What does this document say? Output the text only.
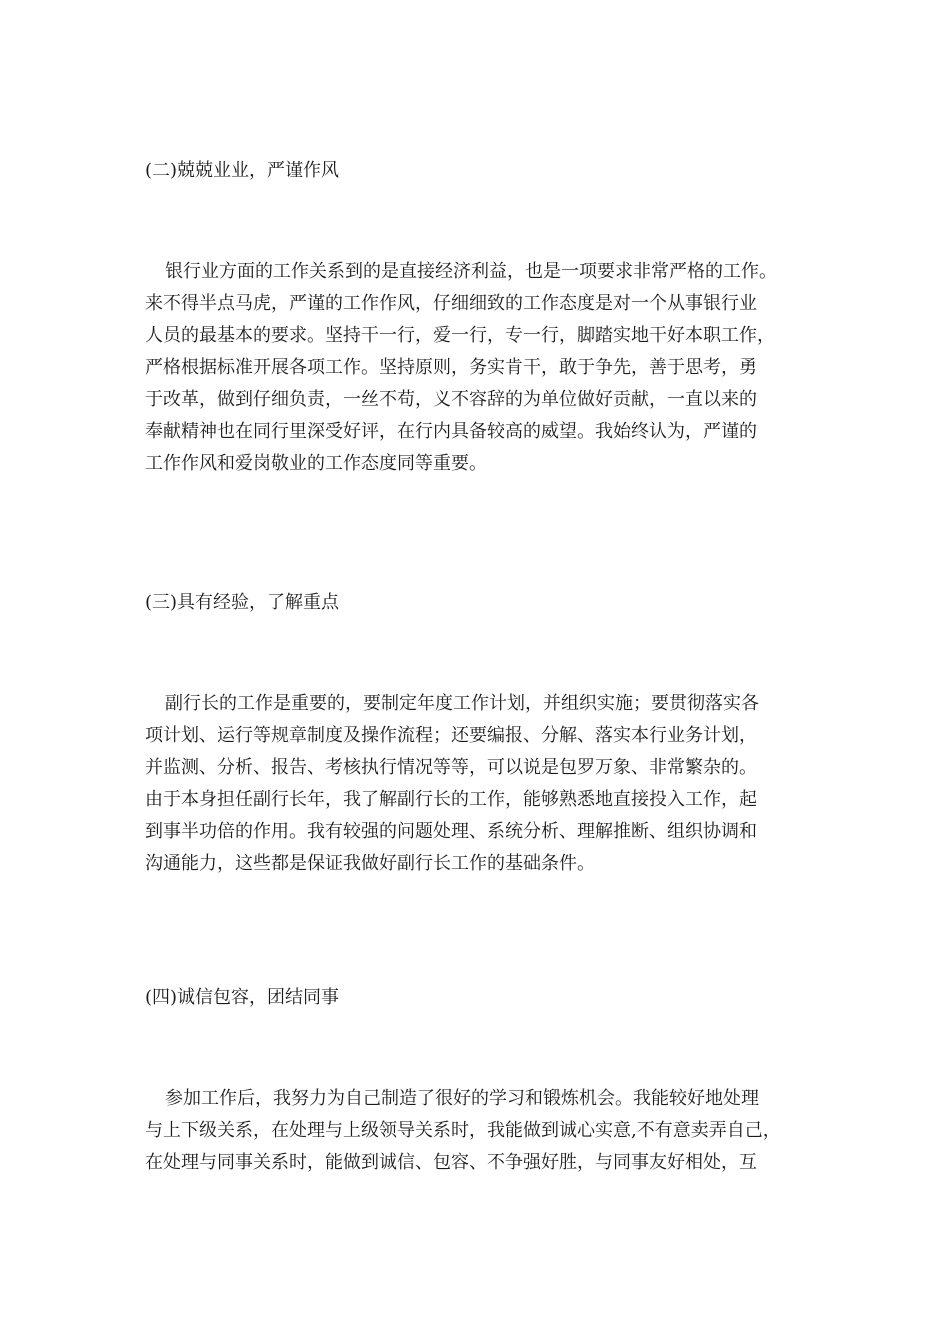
(二)兢兢业业，严谨作风
银行业方面的工作关系到的是直接经济利益，也是一项要求非常严格的工作。
来不得半点马虎，严谨的工作作风，仔细细致的工作态度是对一个从事银行业
人员的最基本的要求。坚持干一行，爱一行，专一行，脚踏实地干好本职工作，
严格根据标准开展各项工作。坚持原则，务实肯干，敢于争先，善于思考，勇
于改革，做到仔细负责，一丝不苟，义不容辞的为单位做好贡献，一直以来的
奉献精神也在同行里深受好评，在行内具备较高的威望。我始终认为，严谨的
工作作风和爱岗敬业的工作态度同等重要。
(三)具有经验，了解重点
副行长的工作是重要的，要制定年度工作计划，并组织实施；要贯彻落实各
项计划、运行等规章制度及操作流程；还要编报、分解、落实本行业务计划，
并监测、分析、报告、考核执行情况等等，可以说是包罗万象、非常繁杂的。
由于本身担任副行长年，我了解副行长的工作，能够熟悉地直接投入工作，起
到事半功倍的作用。我有较强的问题处理、系统分析、理解推断、组织协调和
沟通能力，这些都是保证我做好副行长工作的基础条件。
(四)诚信包容，团结同事
参加工作后，我努力为自己制造了很好的学习和锻炼机会。我能较好地处理
与上下级关系，在处理与上级领导关系时，我能做到诚心实意,不有意卖弄自己，
在处理与同事关系时，能做到诚信、包容、不争强好胜，与同事友好相处，互
